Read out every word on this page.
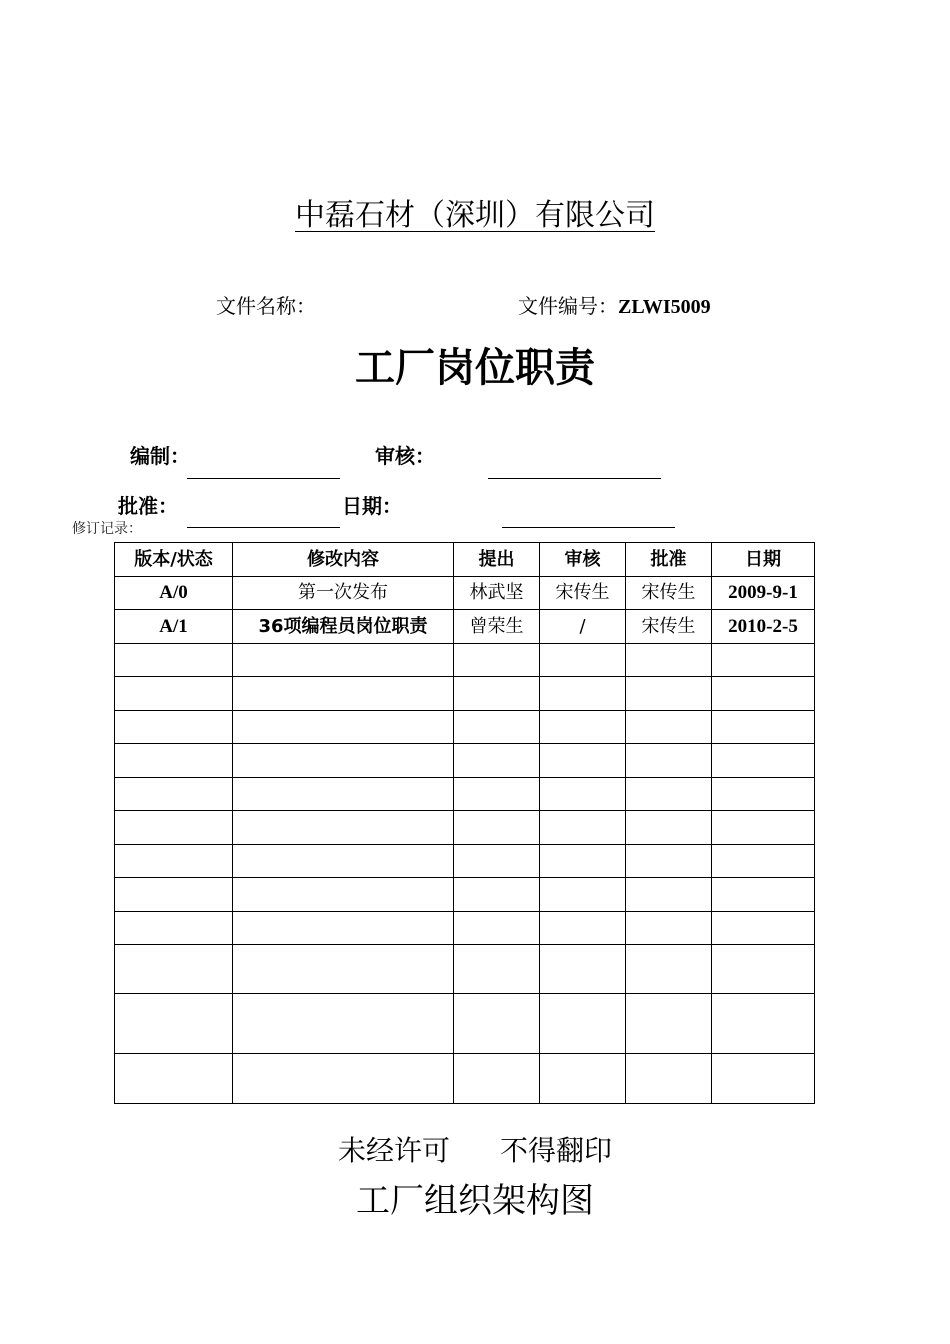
中磊石材（深圳）有限公司
文件名称：	文件编号：ZLWI5009
工厂岗位职责
编制：	审核：
批准：	日期：
修订记录：
版本/状态	修改内容	提出	审核	批准	日期
A/0	第一次发布	林武坚	宋传生	宋传生	2009-9-1
A/1	36项编程员岗位职责	曾荣生	/	宋传生	2010-2-5

未经许可 不得翻印
工厂组织架构图
